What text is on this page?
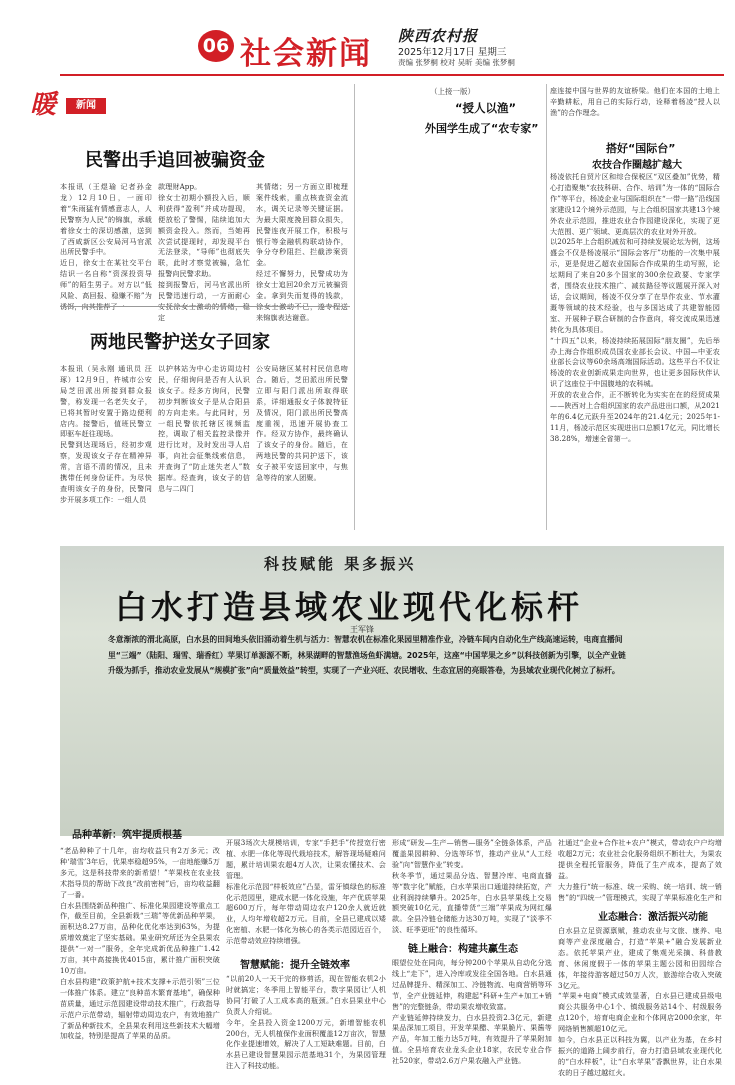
06 社会新闻 陕西农村报
2025年12月17日 星期三
责编 张梦桐 校对 吴昕 美编 张梦桐
暖	新闻
民警出手追回被骗资金
本报讯（王煜瑜 记者孙金龙）12月10日，一面印着“朱雨猛有情感意志人，人民警察为人民”的锦旗，承载着徐女士的深切感激，送到了西咸新区公安局河马官派出所民警手中。
近日，徐女士在某社交平台结识一名自称“资深投资导师”的陌生男子。对方以“低风险、高回报、稳赚不赔”为
款理财App。
徐女士初期小额投入后，顺利获得“盈利”并成功提现，便放松了警惕，陆续追加大额资金投入。然而，当她再次尝试提现时，却发现平台无法登录，“导师”也彻底失联，此时才察觉被骗，急忙报警向民警求助。
接到报警后，河马官派出所民警迅速行动，一方面耐心 定
其情绪；另一方面立即梳理案件线索，重点核查资金流水，调关记录等关键证据。为最大限度挽回群众损失，民警连夜开展工作，积极与银行等金融机构联动协作，争分夺秒阻拦、拦截涉案资金。
经过不懈努力，民警成功为徐女士追回20余万元被骗资金。拿到失而复得的钱款， 来锦旗表达谢意。
两地民警护送女子回家
本报讯（吴永刚 通讯员 汪琢）12月9日，杵城市公安局芝田派出所接到群众报警，称发现一名老失女子，已将其暂时安置于路边便利店内。接警后，值班民警立即驱车赶往现场。
民警到达现场后，经初步观察，发现该女子存在精神异常，言语不清的情况，且未携带任何身份证件。为尽快查明该女子的身份，民警同步开展多项工作：一组人员
以护林站为中心走访周边村民，仔细询问是否有人认识该女子。经多方询问，民警初步判断该女子是从合阳县的方向走来。与此同时，另一组民警依托辖区视频监控，调取了相关监控录像并进行比对，及时发出寻人启事，向社会征集线索信息，并查询了“防止迷失老人”数据库。经查询，该女子的信息与二四门
公安局辖区某村村民信息吻合。随后，芝田派出所民警立即与阳门派出所取得联系，详细通报女子体貌特征及情况，阳门派出所民警高度重视，迅速开展协查工作。经双方协作，最终确认了该女子的身份。随后，在两地民警的共同护送下，该女子被平安送回家中，与焦急等待的家人团聚。
（上接一版）
“授人以渔”
外国学生成了“农专家”
座连接中国与世界的友谊桥梁。他们在本国的土地上辛勤耕耘，用自己的实际行动，诠释着杨凌“授人以渔”的合作理念。
搭好“国际台”
农技合作圈越扩越大
杨凌依托自贸片区和综合保税区“双区叠加”优势，精心打造聚集“农技科研、合作、培训”为一体的“国际合作”等平台，杨凌企业与国际组织在“一带一路”沿线国家建设12个境外示范园，与上合组织国家共建13个境外农业示范园，推进农业合作园建设深化，实现了更大范围、更广领域、更高层次的农业对外开放。
以2025年上合组织减贫和可持续发展论坛为例，这场盛会不仅是杨凌展示“国际会客厅”功能的一次集中展示，更是促进乙超农业国际合作成果的生动写照，论坛期间了来自20多个国家的300余位政要、专家学者，围绕农业技术推广、减贫路径等议题展开深入对话，会议期间，杨凌不仅分享了在旱作农业、节水灌溉等领域的技术经验，也与多国达成了共建智能园室、开展种子联合研制的合作意向，将交流成果迅速转化为具体项目。
“十四五”以来，杨凌持续拓展国际“朋友圈”，先后举办上海合作组织成员国农业部长会议、中国—中亚农业部长会议等60余场高端国际活动。这些平台不仅让杨凌的农业创新成果走向世界，也让更多国际伙伴认识了这座位于中国腹地的农科城。
开放的农业合作，正不断转化为实实在在的经贸成果——陕西对上合组织国家的农产品进出口额，从2021年的6.4亿元跃升至2024年的21.4亿元；2025年1-11月，杨凌示范区实现进出口总额17亿元，同比增长38.28%，增速全省第一。
科技赋能 果多振兴
白水打造县域农业现代化标杆
王军锋
冬意渐浓的渭北高原，白水县的田间地头依旧涌动着生机与活力：智慧农机在标准化果园里精准作业，冷链车间内自动化生产线高速运转，电商直播间里“三端”（陆阳、瑞雪、瑞香红）苹果订单源源不断，林果湖畔的智慧渔场鱼虾满塘。2025年，这座“中国苹果之乡”以科技创新为引擎，以全产业链升级为抓手，推动农业发展从“规模扩张”向“质量效益”转型，实现了一产业兴旺、农民增收、生态宜居的亮眼答卷，为县域农业现代化树立了标杆。
品种革新：筑牢提质根基
“老品种种了十几年，亩均收益只有2万多元；改种‘瑞雪’3年后，优果率稳超95%，一亩地能赚5万多元，这是科技带来的新希望！”苹果枝在农业技术指导员的帮助下改良“改前密树”后，亩均收益翻了一番。
白水县围绕新品种推广、标准化果园建设等重点工作，截至目前，全县新栽“三瑞”等优新品种苹果，面积达8.27万亩，品种化优化率达到63%，为提质增效奠定了坚实基础。果业研究所还为全县果农提供“一对一”服务，全年完成新优品种推广1.42万亩，其中高接换优4015亩，累计推广面积突破10万亩。
白水县构建“政策护航+技术支撑+示范引领”三位一体推广体系。建立“良种苗木繁育基地”，确保种苗质量，通过示范园建设带动技术推广，行政指导示范户示范带动，辐射带动周边农户，有效地推广了新品种新技术，全县果农利用这些新技术大幅增加收益，特别是提高了苹果的品质。
开展3场次大规模培训，专家“手把手”传授宽行密植、水肥一体化等现代栽培技术，解答现场疑难问题，累计培训果农超4万人次，让果农懂技术、会管理。
标准化示范园“样板效应”凸显，雷牙镇绿色的标准化示范园里，建成水肥一体化设施，年产优质苹果超600万斤，每年带动周边农户120余人就近就业，人均年增收超2万元。目前，全县已建成以矮化密植、水肥一体化为核心的各类示范园近百个，示范带动效应持续增强。
智慧赋能：提升全链效率
“以前20人一天干完的修剪活，现在智能农机2小时就搞定；冬季用上智能平台，数字果园让‘人机协同’打破了人工成本高的瓶颈。”白水县果业中心负责人介绍说。
今年，全县投入资金1200万元，新增智能农机200台，无人机植保作业面积覆盖12万亩次，智慧化作业提速增效，解决了人工短缺难题。目前，白水县已建设智慧果园示范基地31个，为果园管理注入了科技动能。
形成“研发—生产—销售—服务”全链条体系，产品覆盖果园耕种、分选等环节，推动产业从“人工经验”向“智慧作业”转变。
秋冬季节，通过果品分选、智慧冷库、电商直播等“数字化”赋能，白水苹果出口通道持续拓宽，产业利润持续攀升。2025年，白水县苹果线上交易额突破10亿元，直播带货“三端”苹果成为网红爆款。全县冷链仓储能力达30万吨，实现了“淡季不淡、旺季更旺”的良性循环。

链上融合：构建共赢生态
眼望位处在同向，每分钟200个苹果从自动化分选线上“走下”，进入冷库或发往全国各地。白水县通过品牌提升、精深加工、冷链物流、电商营销等环节，全产业链延伸，构建起“科研+生产+加工+销售”的完整链条，带动果农增收致富。
产业链延伸持续发力，白水县投资2.3亿元，新建果品深加工项目，开发苹果醋、苹果脆片、果酱等产品，年加工能力达5万吨，有效提升了苹果附加值。全县培育农业龙头企业18家，农民专业合作社520家，带动2.6万户果农融入产业链。
社通过“企业+合作社+农户”模式，带动农户户均增收超2万元；农业社会化服务组织不断壮大，为果农提供全程托管服务，降低了生产成本，提高了效益。
大力推行“统一标准、统一采购、统一培训、统一销售”的“四统一”管理模式，实现了苹果标准化生产和
业态融合：激活振兴动能
白水县立足资源禀赋，推动农业与文旅、康养、电商等产业深度融合，打造“苹果+”融合发展新业态。依托苹果产业，建成了集观光采摘、科普教育、休闲度假于一体的苹果主题公园和田园综合体，年接待游客超过50万人次，旅游综合收入突破3亿元。
“苹果+电商”模式成效显著，白水县已建成县级电商公共服务中心1个、镇级服务站14个、村级服务点120个，培育电商企业和个体网店2000余家，年网络销售额超10亿元。
如今，白水县正以科技为翼，以产业为基，在乡村振兴的道路上阔步前行，奋力打造县域农业现代化的“白水样板”，让“白水苹果”香飘世界，让白水果农的日子越过越红火。
